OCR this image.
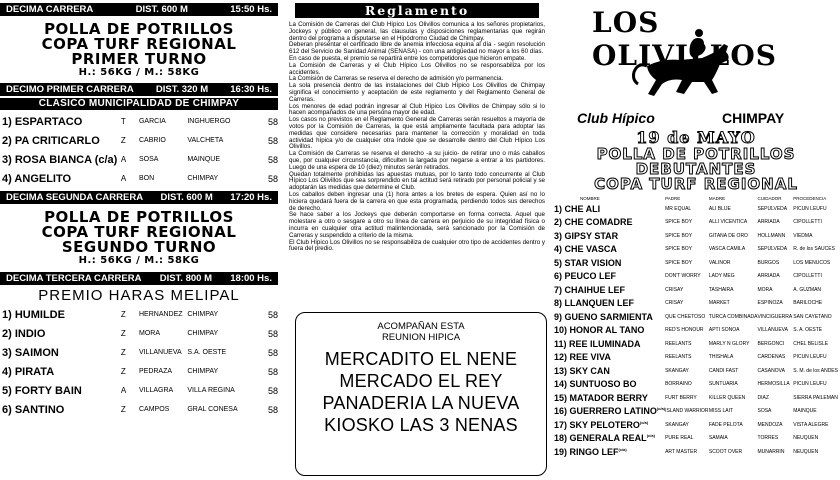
DECIMA CARRERA	DIST. 600 M	15:50 Hs.
POLLA DE POTRILLOS
COPA TURF REGIONAL
PRIMER TURNO
H.: 56KG / M.: 58KG
DECIMO PRIMER CARRERA DIST. 320 M 16:30 Hs.
CLASICO MUNICIPALIDAD DE CHIMPAY
1) ESPARTACO	T	GARCIA	INGHUERGO	58
2) PA CRITICARLO	Z	CABRIO	VALCHETA	58
3) ROSA BIANCA (c/a)	A	SOSA	MAINQUE	58
4) ANGELITO	A	BON	CHIMPAY	58
DECIMA SEGUNDA CARRERA DIST. 600 M 17:20 Hs.
POLLA DE POTRILLOS
COPA TURF REGIONAL
SEGUNDO TURNO
H.: 56KG / M.: 58KG
DECIMA TERCERA CARRERA DIST. 800 M 18:00 Hs.
PREMIO HARAS MELIPAL
1) HUMILDE	Z	HERNANDEZ	CHIMPAY	58
2) INDIO	Z	MORA	CHIMPAY	58
3) SAIMON	Z	VILLANUEVA	S.A. OESTE	58
4) PIRATA	Z	PEDRAZA	CHIMPAY	58
5) FORTY BAIN	A	VILLAGRA	VILLA REGINA	58
6) SANTINO	Z	CAMPOS	GRAL CONESA	58
Reglamento

La Comisión de Carreras del Club Hípico Los Olivillos comunica a los señores propietarios, Jockeys y público en general, las clausulas y disposiciones reglamentarias que regirán dentro del programa a disputarse en el Hipódromo Ciudad de Chimpay.

Deberan presentar el certificado libre de anemia infecciosa equina al día - según resolución 612 del Servicio de Sanidad Animal (SENASA) - con una antigüedad no mayor a los 60 días.

En caso de puesta, el premio se repartirá entre los competidores que hicieron empate.

La Comisión de Carreras y el Club Hípico Los Olivillos no se responsabiliza por los accidentes.

La Comisión de Carreras se reserva el derecho de admisión y/o permanencia.

La sola presencia dentro de las instalaciones del Club Hípico Los Olivillos de Chimpay significa el conocimiento y aceptación de este reglamento y del Reglamento General de Carreras.

Los menores de edad podrán ingresar al Club Hípico Los Olivillos de Chimpay sólo si lo hacen acompañados de una persona mayor de edad.

Los casos no previstos en el Reglamento General de Carreras serán resueltos a mayoría de votos por la Comisión de Carreras, la que está ampliamente facultada para adoptar las medidas que considere necesarias para mantener la corrección y moralidad en toda actividad hípica y/o de cualquier otra índole que se desarrolle dentro del Club Hípico Los Olivillos.

La Comisión de Carreras se reserva el derecho -a su juicio- de retirar uno o más caballos que, por cualquier circunstancia, dificulten la largada por negarse a entrar a los partidores. Luego de una espera de 10 (diez) minutos serán retirados.

Quedan totalmente prohibidas las apuestas mutuas, por lo tanto todo concurrente al Club Hípico Los Olivillos que sea sorprendido en tal actitud será retirado por personal policial y se adoptarán las medidas que determine el Club.

Los caballos deben ingresar una (1) hora antes a los bretes de espera. Quien así no lo hiciera quedará fuera de la carrera en que esta programada, perdiendo todos sus derechos de derecho.

Se hace saber a los Jockeys que deberán comportarse en forma correcta. Aquel que molestare a otro o sesgare a otro su línea de carrera en perjuicio de su integridad física o incurra en cualquier otra actitud malintencionada, será sancionado por la Comisión de Carreras y suspendido a criterio de la misma.

El Club Hípico Los Olivillos no se responsabiliza de cualquier otro tipo de accidentes dentro y fuera del predio.

ACOMPAÑAN ESTA
REUNION HIPICA
MERCADITO EL NENE
MERCADO EL REY
PANADERIA LA NUEVA
KIOSKO LAS 3 NENAS
LOS OLIVILLOS
Club Hípico	CHIMPAY
19 de MAYO
POLLA DE POTRILLOS
DEBUTANTES
COPA TURF REGIONAL
NOMBRE	PADRE	MADRE	CUIDADOR	PROCEDENCIA
1) CHE ALI	MR EQUAL	ALI BLUE	SEPULVEDA	PICUN LEUFU
2) CHE COMADRE	SPICE BOY	ALLI VICENTICA	ARRIADA	CIPOLLETTI
3) GIPSY STAR	SPICE BOY	GITANA DE ORO	HOLLMANN	VIEDMA
4) CHE VASCA	SPICE BOY	VASCA CAMILA	SEPULVEDA	R. de los SAUCES
5) STAR VISION	SPICE BOY	VALINOR	BURGOS	LOS MENUCOS
6) PEUCO LEF	DON'T WORRY	LADY MEG	ARRIADA	CIPOLLETTI
7) CHAIHUE LEF	CRISAY	TASHAIRA	MORA	A. GUZMAN
8) LLANQUEN LEF	CRISAY	MARKET	ESPINOZA	BARILOCHE
9) GUENO SARMIENTA	QUE CHEETOSO	TURCA COMBINADA	VINCIGUERRA	SAN CAYETANO
10) HONOR AL TANO	RED'S HONOUR	APTI SONOA	VILLANUEVA	S. A. OESTE
11) REE ILUMINADA	REELANTS	MARLY N GLORY	BERGONCI	CHEL BELISLE
12) REE VIVA	REELANTS	THISHALA	CARDENAS	PICUN LEUFU
13) SKY CAN	SKANGAY	CANDI FAST	CASANOVA	S. M. de los ANDES
14) SUNTUOSO BO	BORRAINO	SUNTUARIA	HERMOSILLA	PICUN LEUFU
15) MATADOR BERRY	FURT BERRY	KILLER QUEEN	DIAZ	SIERRA PAILEMAN
16) GUERRERO $LATINO^{(c/a)}$	ISLAND WARRIOR	MISS LAIT	SOSA	MAINQUE
17) SKY $PELOTERO^{(c/a)}$	SKANGAY	FADE PELOTA	MENDOZA	VISTA ALEGRE
18) GENERALA $REAL^{(c/a)}$	PURE REAL	SAMAIA	TORRES	NEUQUEN
19) RINGO $LEF^{(c/a)}$	ART MASTER	SCOOT OVER	MUNARRIN	NEUQUEN
